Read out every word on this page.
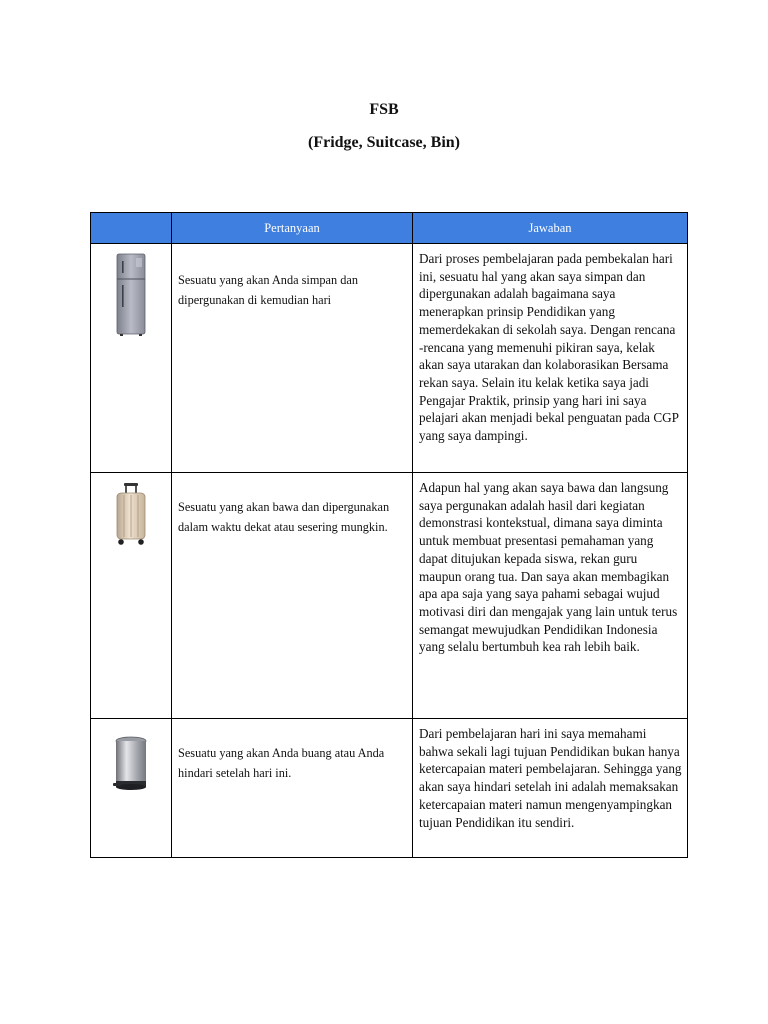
FSB
(Fridge, Suitcase, Bin)
	Pertanyaan	Jawaban

Sesuatu yang akan Anda simpan dan dipergunakan di kemudian hari	Dari proses pembelajaran pada pembekalan hari ini, sesuatu hal yang akan saya simpan dan dipergunakan adalah bagaimana saya menerapkan prinsip Pendidikan yang memerdekakan di sekolah saya. Dengan rencana -rencana yang memenuhi pikiran saya, kelak akan saya utarakan dan kolaborasikan Bersama rekan saya. Selain itu kelak ketika saya jadi Pengajar Praktik, prinsip yang hari ini saya pelajari akan menjadi bekal penguatan pada CGP yang saya dampingi.

Sesuatu yang akan bawa dan dipergunakan dalam waktu dekat atau sesering mungkin.	Adapun hal yang akan saya bawa dan langsung saya pergunakan adalah hasil dari kegiatan demonstrasi kontekstual, dimana saya diminta untuk membuat presentasi pemahaman yang dapat ditujukan kepada siswa, rekan guru maupun orang tua. Dan saya akan membagikan apa apa saja yang saya pahami sebagai wujud motivasi diri dan mengajak yang lain untuk terus semangat mewujudkan Pendidikan Indonesia yang selalu bertumbuh kea rah lebih baik.

Sesuatu yang akan Anda buang atau Anda hindari setelah hari ini.	Dari pembelajaran hari ini saya memahami bahwa sekali lagi tujuan Pendidikan bukan hanya ketercapaian materi pembelajaran. Sehingga yang akan saya hindari setelah ini adalah memaksakan ketercapaian materi namun mengenyampingkan tujuan Pendidikan itu sendiri.
